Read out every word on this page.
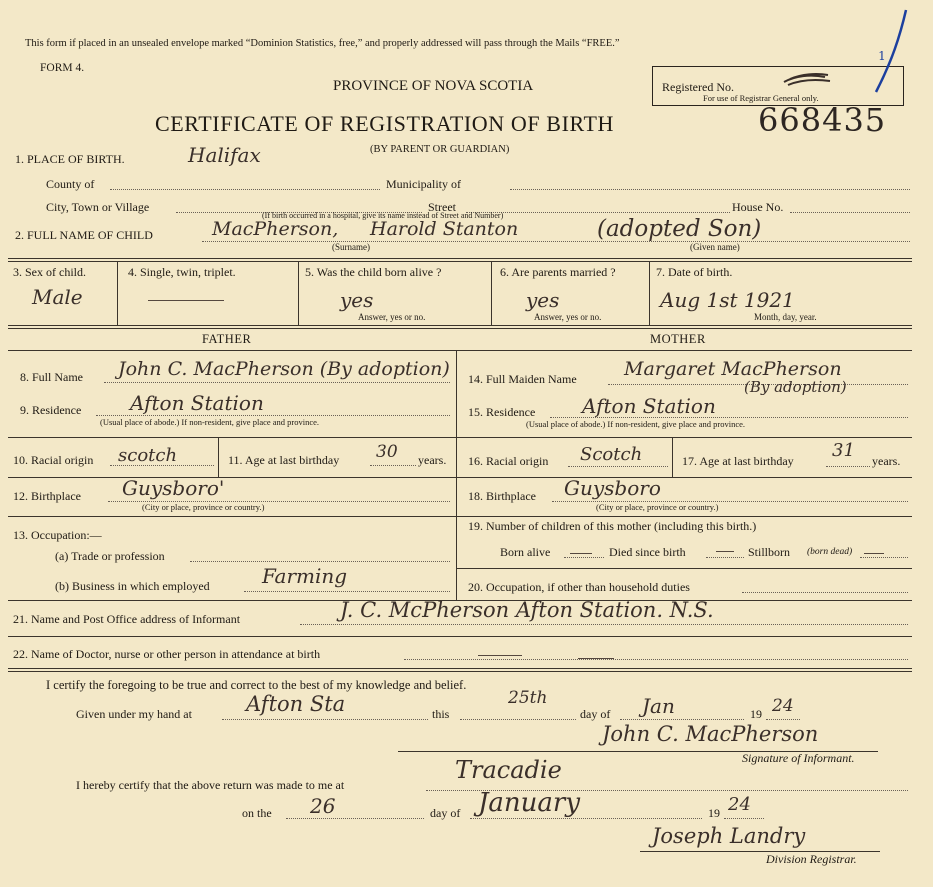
This form if placed in an unsealed envelope marked “Dominion Statistics, free,” and properly addressed will pass through the Mails “FREE.”
FORM 4.
PROVINCE OF NOVA SCOTIA	Registered No.
For use of Registrar General only.
1
CERTIFICATE OF REGISTRATION OF BIRTH	668435
(BY PARENT OR GUARDIAN)
1. PLACE OF BIRTH.	Halifax
County of	Municipality of
City, Town or Village	Street	House No.
(If birth occurred in a hospital, give its name instead of Street and Number)
2. FULL NAME OF CHILD	MacPherson, Harold Stanton	(adopted Son)
(Surname)	(Given name)
3. Sex of child.
Male
4. Single, twin, triplet.	5. Was the child born alive ?
yes
Answer, yes or no.
6. Are parents married ?
yes
Answer, yes or no.
7. Date of birth.
Aug 1st 1921
Month, day, year.
FATHER	MOTHER
8. Full Name John C. MacPherson (By adoption)
9. Residence Afton Station
(Usual place of abode.) If non-resident, give place and province.
10. Racial origin scotch	11. Age at last birthday 30 years.
12. Birthplace Guysboro'
(City or place, province or country.)
13. Occupation:—
(a) Trade or profession
(b) Business in which employed	Farming
14. Full Maiden Name Margaret MacPherson
(By adoption)
15. Residence Afton Station
(Usual place of abode.) If non-resident, give place and province.
16. Racial origin Scotch	17. Age at last birthday 31 years.
18. Birthplace Guysboro
(City or place, province or country.)
19. Number of children of this mother (including this birth.)
Born alive	Died since birth	Stillborn (born dead)
20. Occupation, if other than household duties
21. Name and Post Office address of Informant	J. C. McPherson Afton Station. N.S.
22. Name of Doctor, nurse or other person in attendance at birth
I certify the foregoing to be true and correct to the best of my knowledge and belief.
Given under my hand at	Afton Sta	this
25th
day of Jan	19 24
John C. MacPherson
Signature of Informant.
I hereby certify that the above return was made to me at
Tracadie
on the 26	day of January	19 24
Joseph Landry
Division Registrar.
